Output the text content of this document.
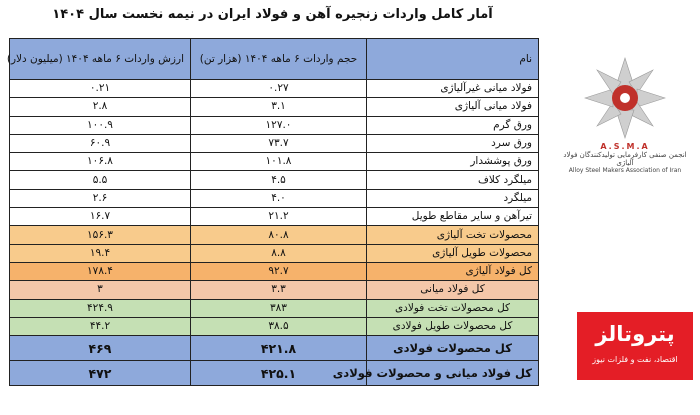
آمار کامل واردات زنجیره آهن و فولاد ایران در نیمه نخست سال ۱۴۰۴
ارزش واردات ۶ ماهه ۱۴۰۴ (میلیون دلار)	حجم واردات ۶ ماهه ۱۴۰۴ (هزار تن)	نام
۰.۲۱	۰.۲۷	فولاد میانی غیرآلیاژی
۲.۸	۳.۱	فولاد میانی آلیاژی
۱۰۰.۹	۱۲۷.۰	ورق گرم
۶۰.۹	۷۳.۷	ورق سرد
۱۰۶.۸	۱۰۱.۸	ورق پوششدار
۵.۵	۴.۵	میلگرد کلاف
۲.۶	۴.۰	میلگرد
۱۶.۷	۲۱.۲	تیرآهن و سایر مقاطع طویل
۱۵۶.۳	۸۰.۸	محصولات تخت آلیاژی
۱۹.۴	۸.۸	محصولات طویل آلیاژی
۱۷۸.۴	۹۲.۷	کل فولاد آلیاژی
۳	۳.۳	کل فولاد میانی
۴۲۴.۹	۳۸۳	کل محصولات تخت فولادی
۴۴.۲	۳۸.۵	کل محصولات طویل فولادی
۴۶۹	۴۲۱.۸	کل محصولات فولادی
۴۷۲	۴۲۵.۱	کل فولاد میانی و محصولات فولادی
A.S.M.A
انجمن صنفی کارفرمایی تولیدکنندگان فولاد آلیاژی
Alloy Steel Makers Association of Iran
پتروتالز
اقتصاد، نفت و فلزات نیوز
